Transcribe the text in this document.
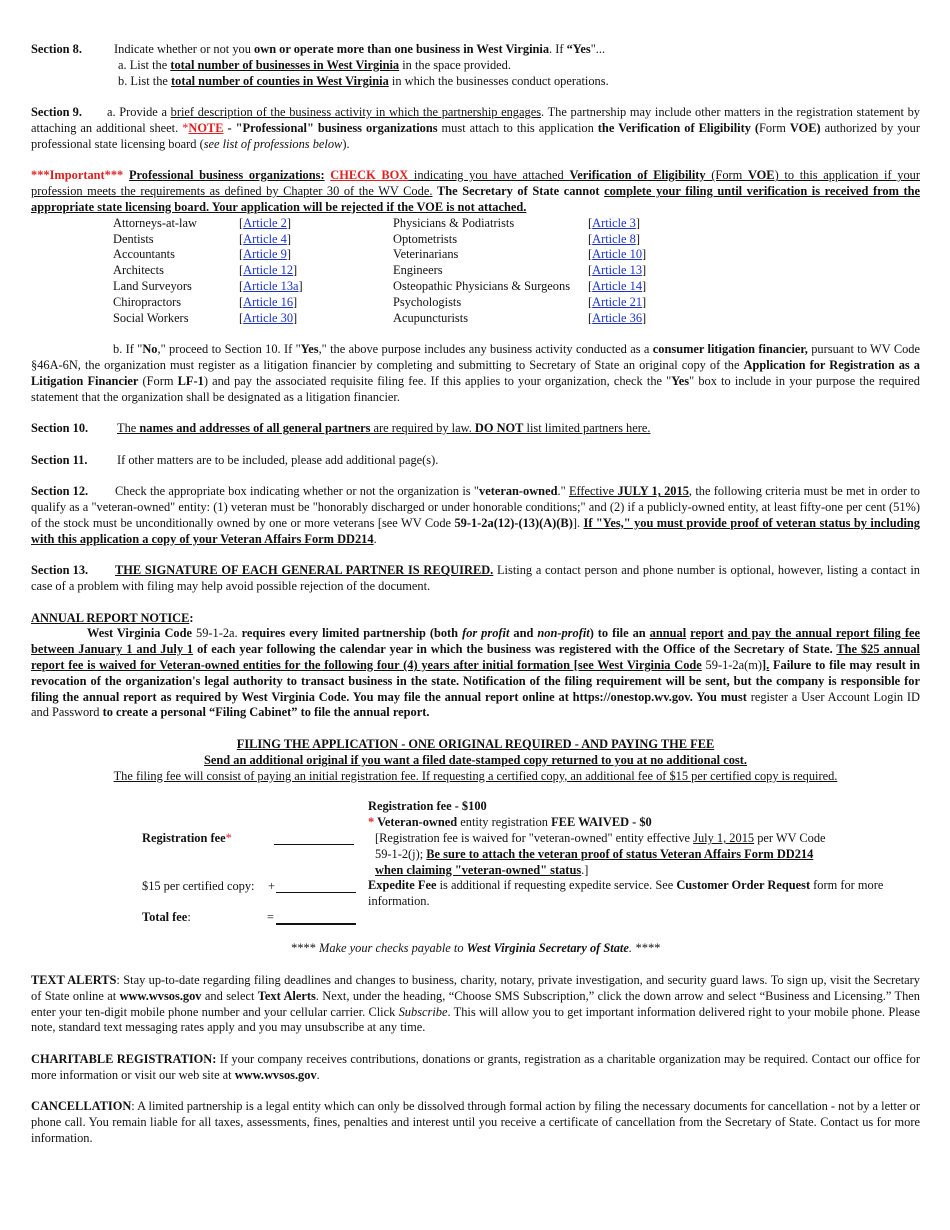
Section 8.	Indicate whether or not you own or operate more than one business in West Virginia. If “Yes"...

a. List the total number of businesses in West Virginia in the space provided.

b. List the total number of counties in West Virginia in which the businesses conduct operations.

Section 9. a. Provide a brief description of the business activity in which the partnership engages. The partnership may include other matters in the registration statement by attaching an additional sheet. *NOTE - "Professional" business organizations must attach to this application the Verification of Eligibility (Form VOE) authorized by your professional state licensing board (see list of professions below).

***Important*** Professional business organizations: CHECK BOX indicating you have attached Verification of Eligibility (Form VOE) to this application if your profession meets the requirements as defined by Chapter 30 of the WV Code. The Secretary of State cannot complete your filing until verification is received from the appropriate state licensing board. Your application will be rejected if the VOE is not attached.

Attorneys-at-law	[Article 2]	Physicians & Podiatrists	[Article 3]
Dentists	[Article 4]	Optometrists	[Article 8]
Accountants	[Article 9]	Veterinarians	[Article 10]
Architects	[Article 12]	Engineers	[Article 13]
Land Surveyors	[Article 13a]	Osteopathic Physicians & Surgeons	[Article 14]
Chiropractors	[Article 16]	Psychologists	[Article 21]
Social Workers	[Article 30]	Acupuncturists	[Article 36]

b. If "No," proceed to Section 10. If "Yes," the above purpose includes any business activity conducted as a consumer litigation financier, pursuant to WV Code §46A-6N, the organization must register as a litigation financier by completing and submitting to Secretary of State an original copy of the Application for Registration as a Litigation Financier (Form LF-1) and pay the associated requisite filing fee. If this applies to your organization, check the "Yes" box to include in your purpose the required statement that the organization shall be designated as a litigation financier.

Section 10. The names and addresses of all general partners are required by law. DO NOT list limited partners here.

Section 11. If other matters are to be included, please add additional page(s).

Section 12. Check the appropriate box indicating whether or not the organization is "veteran-owned." Effective JULY 1, 2015, the following criteria must be met in order to qualify as a "veteran-owned" entity: (1) veteran must be "honorably discharged or under honorable conditions;" and (2) if a publicly-owned entity, at least fifty-one per cent (51%) of the stock must be unconditionally owned by one or more veterans [see WV Code 59-1-2a(12)-(13)(A)(B)]. If "Yes," you must provide proof of veteran status by including with this application a copy of your Veteran Affairs Form DD214.

Section 13. THE SIGNATURE OF EACH GENERAL PARTNER IS REQUIRED. Listing a contact person and phone number is optional, however, listing a contact in case of a problem with filing may help avoid possible rejection of the document.

ANNUAL REPORT NOTICE:

West Virginia Code 59-1-2a. requires every limited partnership (both for profit and non-profit) to file an annual report and pay the annual report filing fee between January 1 and July 1 of each year following the calendar year in which the business was registered with the Office of the Secretary of State. The $25 annual report fee is waived for Veteran-owned entities for the following four (4) years after initial formation [see West Virginia Code 59-1-2a(m)]. Failure to file may result in revocation of the organization's legal authority to transact business in the state. Notification of the filing requirement will be sent, but the company is responsible for filing the annual report as required by West Virginia Code. You may file the annual report online at https://onestop.wv.gov. You must register a User Account Login ID and Password to create a personal “Filing Cabinet” to file the annual report.

FILING THE APPLICATION - ONE ORIGINAL REQUIRED - AND PAYING THE FEE

Send an additional original if you want a filed date-stamped copy returned to you at no additional cost.

The filing fee will consist of paying an initial registration fee. If requesting a certified copy, an additional fee of $15 per certified copy is required.

Registration fee*
$15 per certified copy: +
Total fee:	=

Registration fee - $100

* Veteran-owned entity registration FEE WAIVED - $0

[Registration fee is waived for "veteran-owned" entity effective July 1, 2015 per WV Code 59-1-2(j); Be sure to attach the veteran proof of status Veteran Affairs Form DD214 when claiming "veteran-owned" status.]

Expedite Fee is additional if requesting expedite service. See Customer Order Request form for more information.

**** Make your checks payable to West Virginia Secretary of State. ****

TEXT ALERTS: Stay up-to-date regarding filing deadlines and changes to business, charity, notary, private investigation, and security guard laws. To sign up, visit the Secretary of State online at www.wvsos.gov and select Text Alerts. Next, under the heading, “Choose SMS Subscription,” click the down arrow and select “Business and Licensing.” Then enter your ten-digit mobile phone number and your cellular carrier. Click Subscribe. This will allow you to get important information delivered right to your mobile phone. Please note, standard text messaging rates apply and you may unsubscribe at any time.

CHARITABLE REGISTRATION: If your company receives contributions, donations or grants, registration as a charitable organization may be required. Contact our office for more information or visit our web site at www.wvsos.gov.

CANCELLATION: A limited partnership is a legal entity which can only be dissolved through formal action by filing the necessary documents for cancellation - not by a letter or phone call. You remain liable for all taxes, assessments, fines, penalties and interest until you receive a certificate of cancellation from the Secretary of State. Contact us for more information.
